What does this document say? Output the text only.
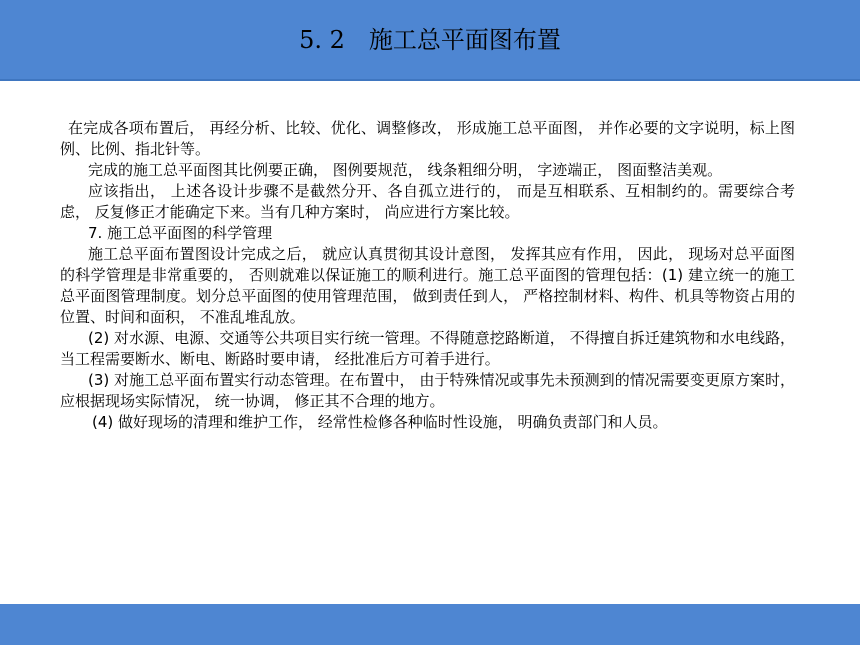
5. 2　施工总平面图布置

在完成各项布置后， 再经分析、比较、优化、调整修改， 形成施工总平面图， 并作必要的文字说明，标上图例、比例、指北针等。

完成的施工总平面图其比例要正确， 图例要规范， 线条粗细分明， 字迹端正， 图面整洁美观。

应该指出， 上述各设计步骤不是截然分开、各自孤立进行的， 而是互相联系、互相制约的。需要综合考虑， 反复修正才能确定下来。当有几种方案时， 尚应进行方案比较。

7. 施工总平面图的科学管理

施工总平面布置图设计完成之后， 就应认真贯彻其设计意图， 发挥其应有作用， 因此， 现场对总平面图的科学管理是非常重要的， 否则就难以保证施工的顺利进行。施工总平面图的管理包括：(1) 建立统一的施工总平面图管理制度。划分总平面图的使用管理范围， 做到责任到人， 严格控制材料、构件、机具等物资占用的位置、时间和面积， 不准乱堆乱放。

(2) 对水源、电源、交通等公共项目实行统一管理。不得随意挖路断道， 不得擅自拆迁建筑物和水电线路， 当工程需要断水、断电、断路时要申请， 经批准后方可着手进行。

(3) 对施工总平面布置实行动态管理。在布置中， 由于特殊情况或事先未预测到的情况需要变更原方案时， 应根据现场实际情况， 统一协调， 修正其不合理的地方。

(4) 做好现场的清理和维护工作， 经常性检修各种临时性设施， 明确负责部门和人员。
